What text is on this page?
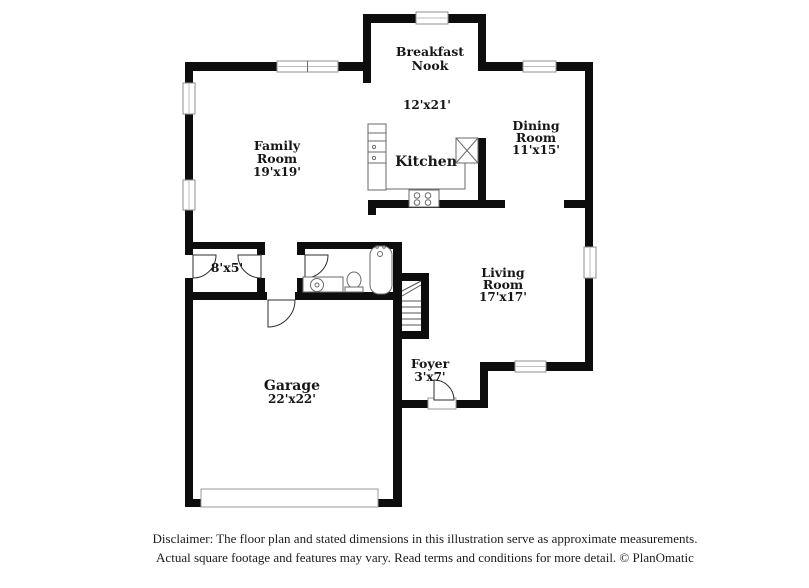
Breakfast
Nook
12'x21'
Family
Room
19'x19'
Dining
Room
11'x15'
Kitchen
Living
Room
17'x17'
Garage
22'x22'
Foyer
3'x7'
8'x5'
Disclaimer: The floor plan and stated dimensions in this illustration serve as approximate measurements.
Actual square footage and features may vary. Read terms and conditions for more detail. © PlanOmatic
